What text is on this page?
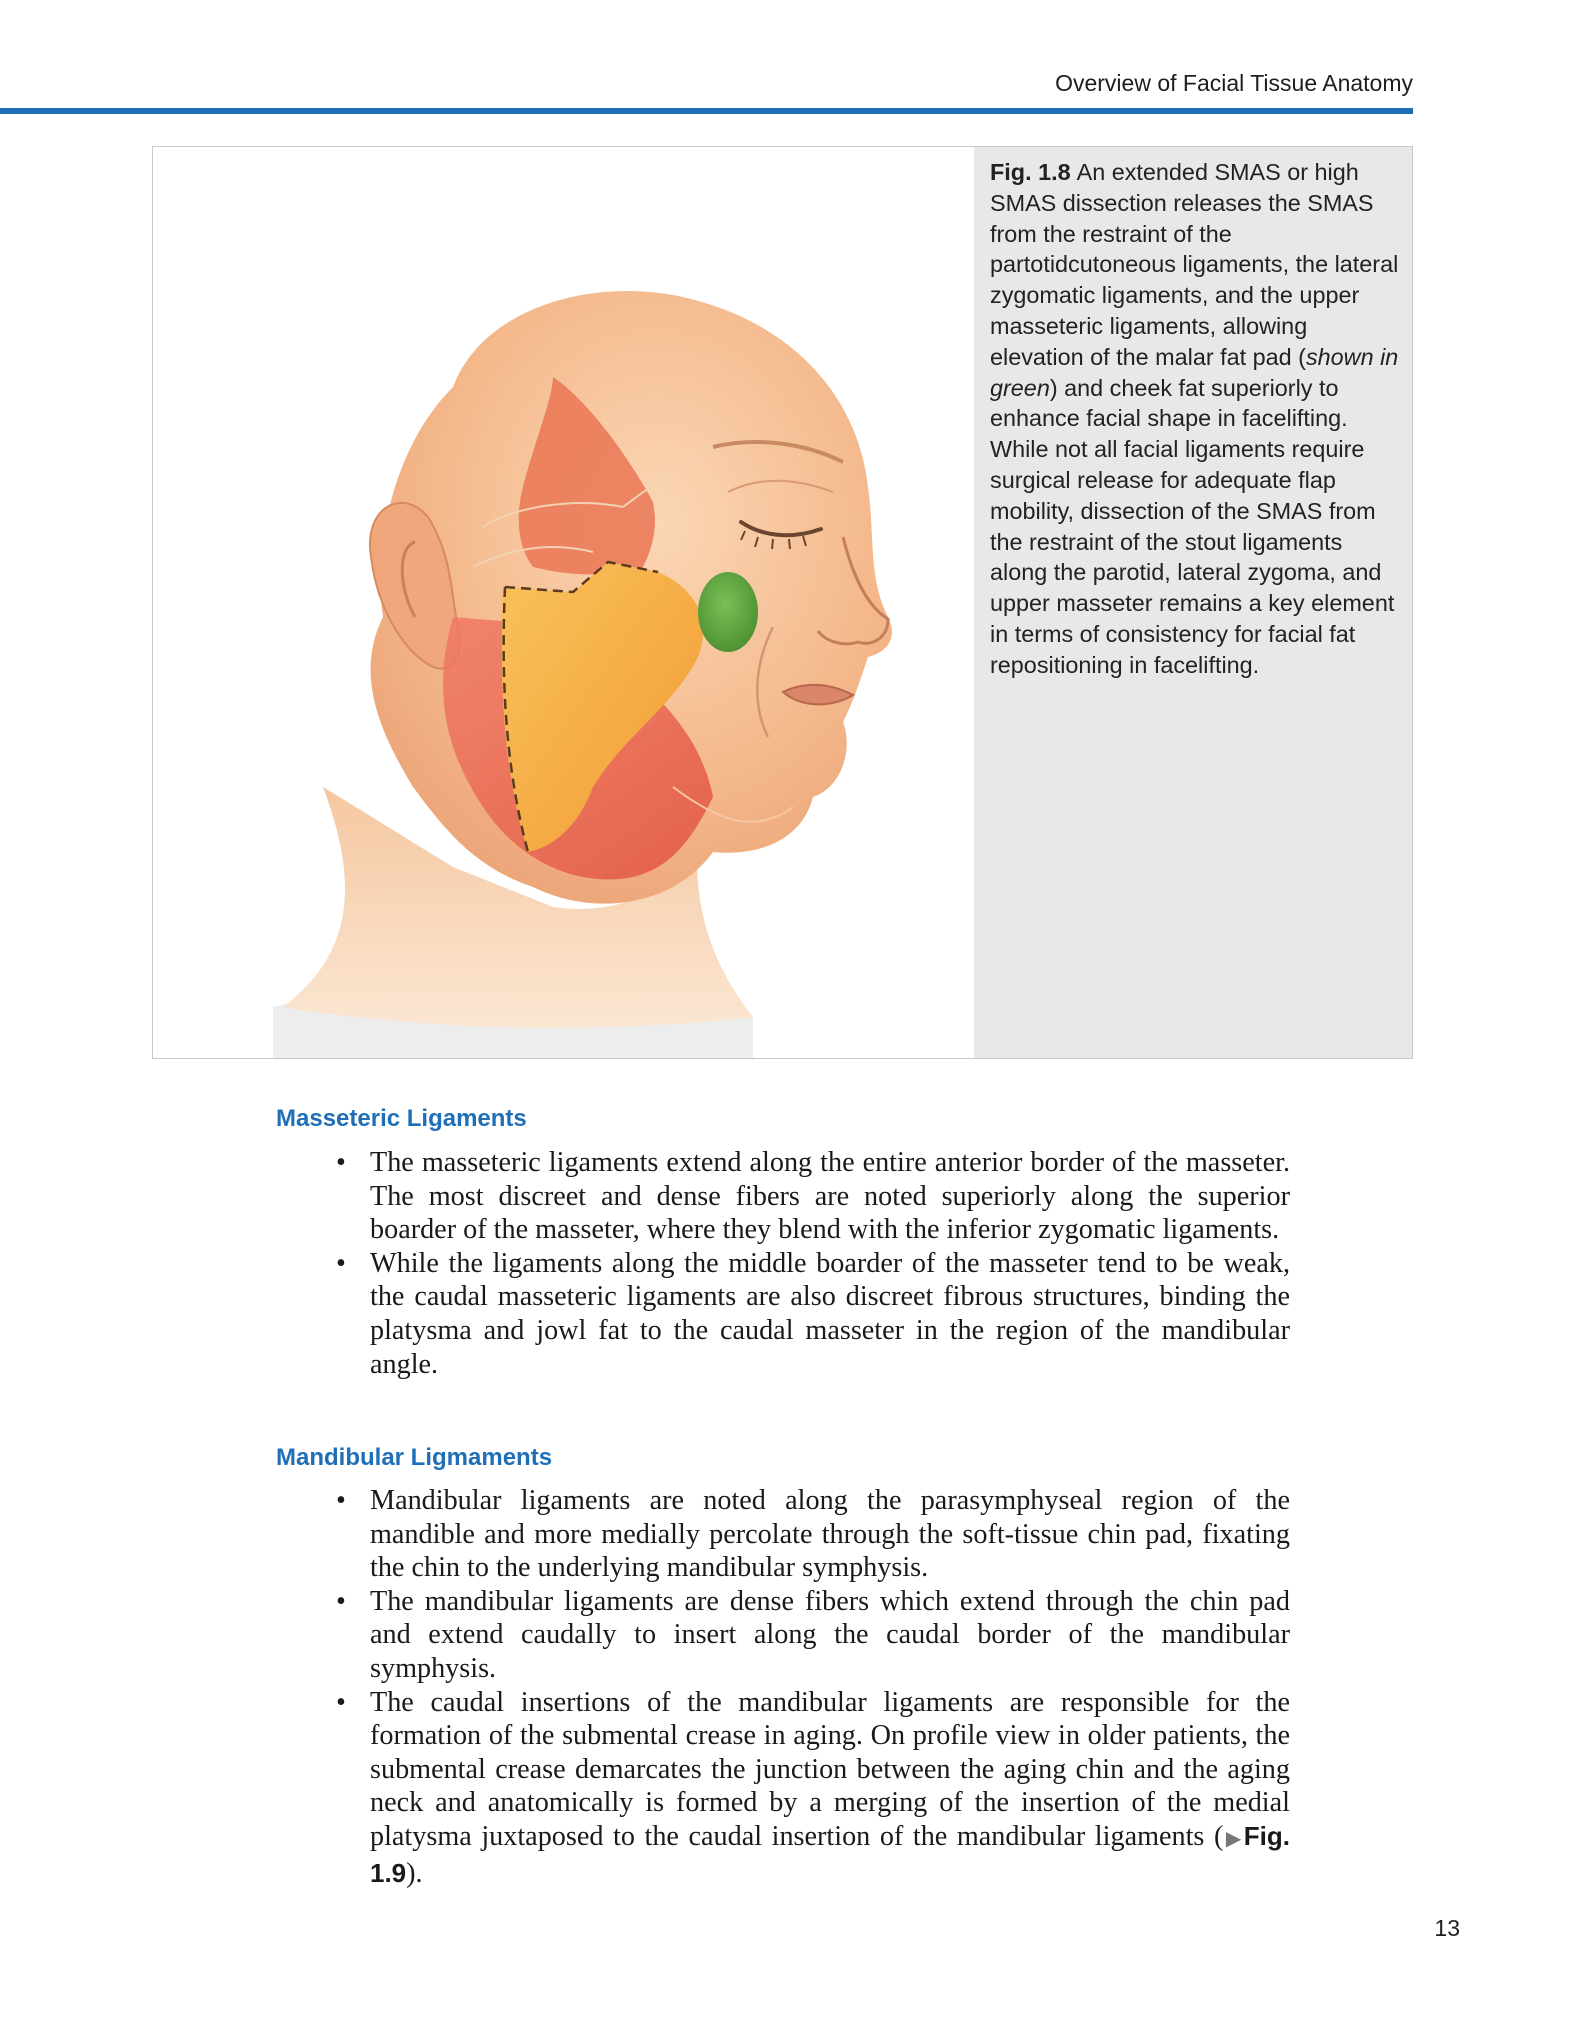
Overview of Facial Tissue Anatomy
Fig. 1.8 An extended SMAS or high SMAS dissection releases the SMAS from the restraint of the partotidcutoneous ligaments, the lateral zygomatic ligaments, and the upper masseteric ligaments, allowing elevation of the malar fat pad (shown in green) and cheek fat superiorly to enhance facial shape in facelifting. While not all facial ligaments require surgical release for adequate flap mobility, dissection of the SMAS from the restraint of the stout ligaments along the parotid, lateral zygoma, and upper masseter remains a key element in terms of consistency for facial fat repositioning in facelifting.
Masseteric Ligaments
• The masseteric ligaments extend along the entire anterior border of the masseter. The most discreet and dense fibers are noted superiorly along the superior boarder of the masseter, where they blend with the inferior zygomatic ligaments.
• While the ligaments along the middle boarder of the masseter tend to be weak, the caudal masseteric ligaments are also discreet fibrous structures, binding the platysma and jowl fat to the caudal masseter in the region of the mandibular angle.
Mandibular Ligmaments
• Mandibular ligaments are noted along the parasymphyseal region of the mandible and more medially percolate through the soft-tissue chin pad, fixating the chin to the underlying mandibular symphysis.
• The mandibular ligaments are dense fibers which extend through the chin pad and extend caudally to insert along the caudal border of the mandibular symphysis.
• The caudal insertions of the mandibular ligaments are responsible for the formation of the submental crease in aging. On profile view in older patients, the submental crease demarcates the junction between the aging chin and the aging neck and anatomically is formed by a merging of the insertion of the medial platysma juxtaposed to the caudal insertion of the mandibular ligaments (▶Fig. 1.9).
13
